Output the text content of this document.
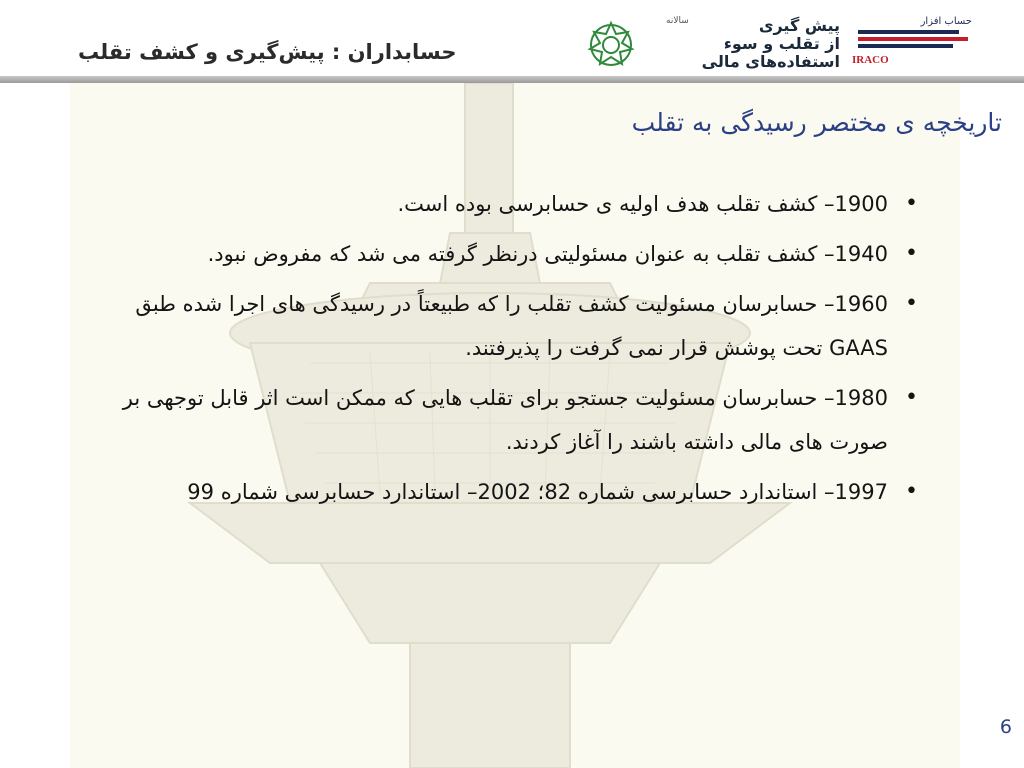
حسابداران : پیش‌گیری و کشف تقلب
سالانه	پیش گیری
از تقلب و سوء
استفاده‌های مالی
حساب افزار
IRACO
تاریخچه ی مختصر رسیدگی به تقلب
•
1900– کشف تقلب هدف اولیه ی حسابرسی بوده است.
•
1940– کشف تقلب به عنوان مسئولیتی درنظر گرفته می شد که مفروض نبود.
•
1960– حسابرسان مسئولیت کشف تقلب را که طبیعتاً در رسیدگی های اجرا شده طبق GAAS تحت پوشش قرار نمی گرفت را پذیرفتند.
•
1980– حسابرسان مسئولیت جستجو برای تقلب هایی که ممکن است اثر قابل توجهی بر صورت های مالی داشته باشند را آغاز کردند.
•
1997– استاندارد حسابرسی شماره 82؛ 2002– استاندارد حسابرسی شماره 99
6
